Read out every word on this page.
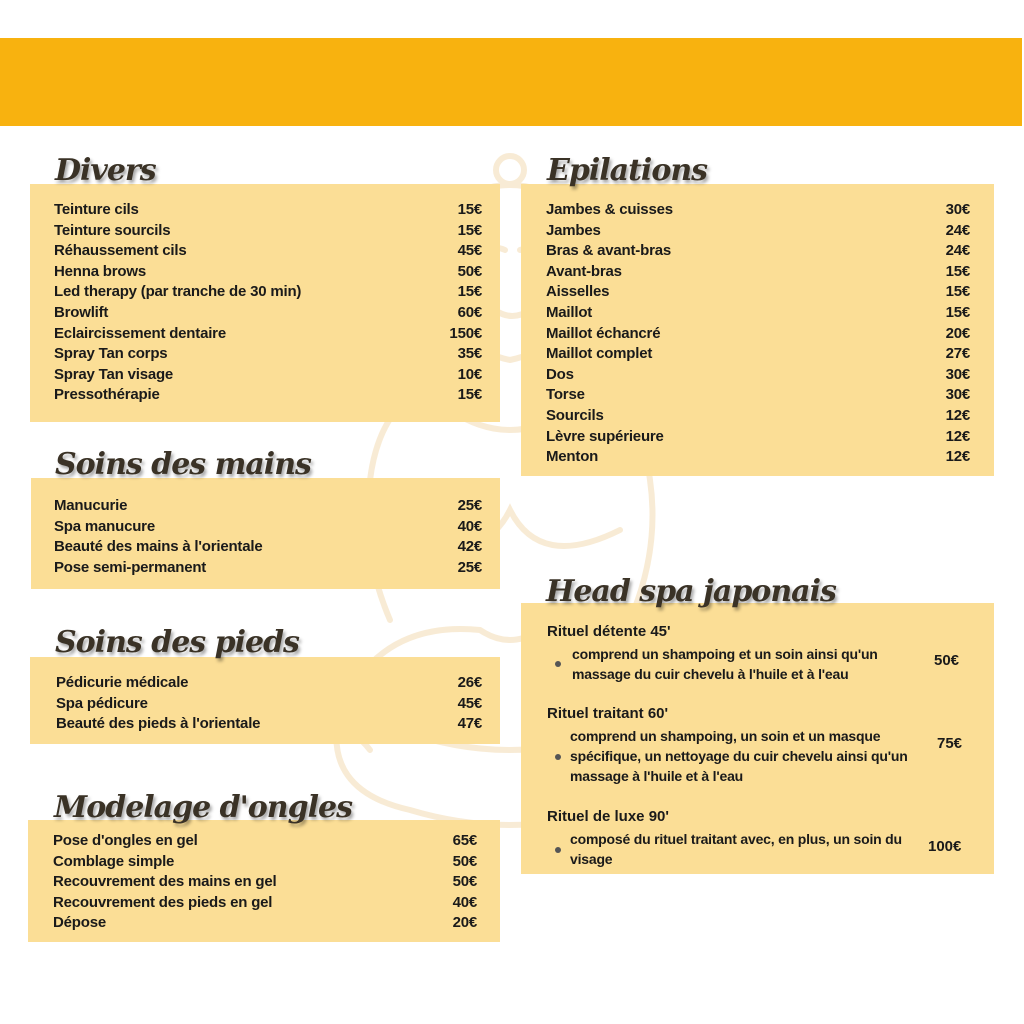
Divers
Teinture cils	15€
Teinture sourcils	15€
Réhaussement cils	45€
Henna brows	50€
Led therapy (par tranche de 30 min)	15€
Browlift	60€
Eclaircissement dentaire	150€
Spray Tan corps	35€
Spray Tan visage	10€
Pressothérapie	15€
Soins des mains
Manucurie	25€
Spa manucure	40€
Beauté des mains à l'orientale	42€
Pose semi-permanent	25€
Soins des pieds
Pédicurie médicale	26€
Spa pédicure	45€
Beauté des pieds à l'orientale	47€
Modelage d'ongles
Pose d'ongles en gel	65€
Comblage simple	50€
Recouvrement des mains en gel	50€
Recouvrement des pieds en gel	40€
Dépose	20€
Epilations
Jambes & cuisses	30€
Jambes	24€
Bras & avant-bras	24€
Avant-bras	15€
Aisselles	15€
Maillot	15€
Maillot échancré	20€
Maillot complet	27€
Dos	30€
Torse	30€
Sourcils	12€
Lèvre supérieure	12€
Menton	12€
Head spa japonais
Rituel détente 45'
comprend un shampoing et un soin ainsi qu'un massage du cuir chevelu à l'huile et à l'eau
50€
Rituel traitant 60'
comprend un shampoing, un soin et un masque spécifique, un nettoyage du cuir chevelu ainsi qu'un massage à l'huile et à l'eau
75€
Rituel de luxe 90'
composé du rituel traitant avec, en plus, un soin du visage
100€
